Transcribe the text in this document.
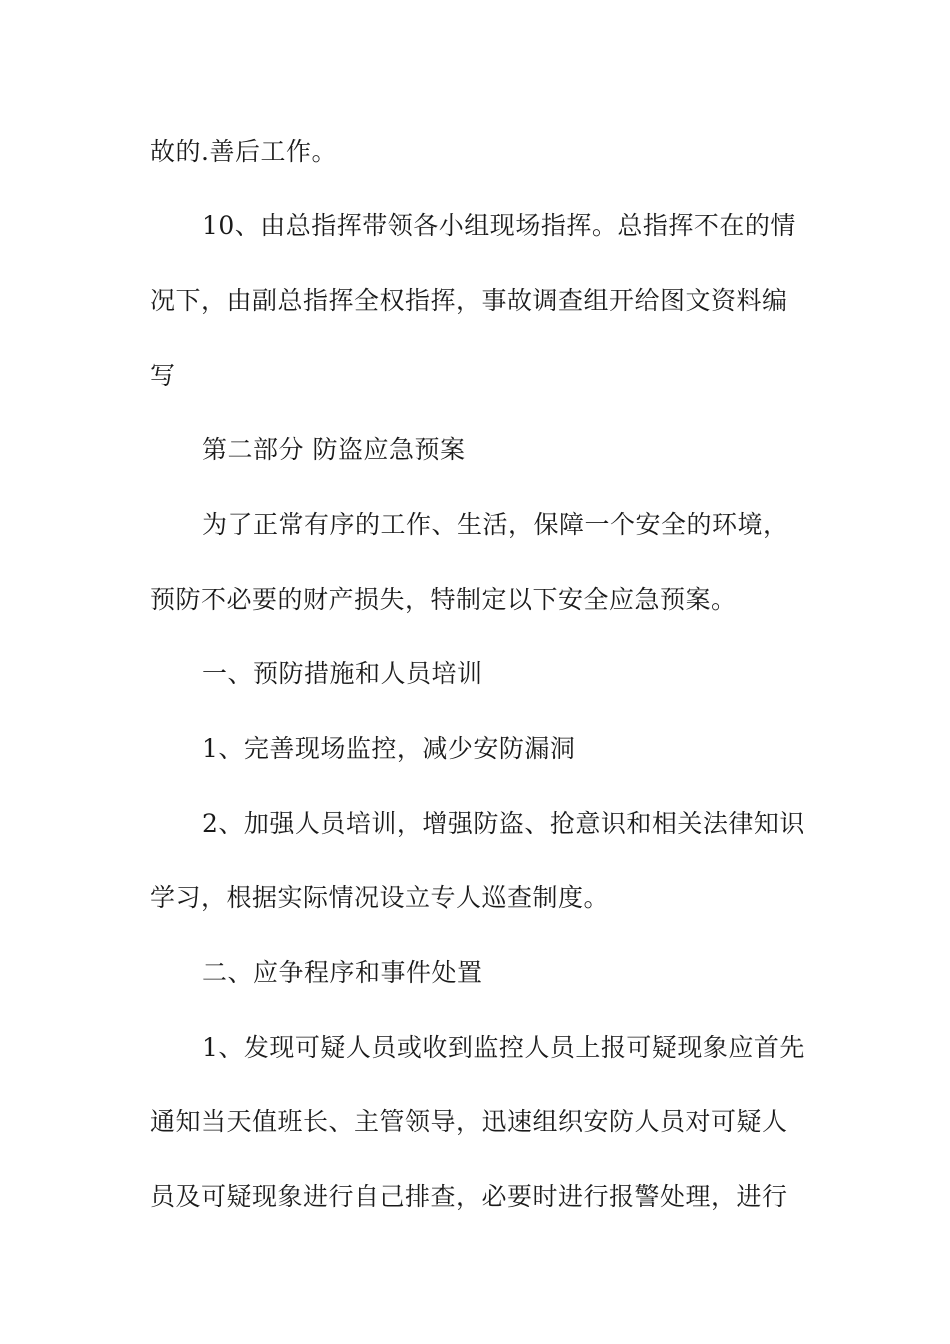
故的.善后工作。
10、由总指挥带领各小组现场指挥。总指挥不在的情
况下，由副总指挥全权指挥，事故调查组开给图文资料编
写
第二部分 防盗应急预案
为了正常有序的工作、生活，保障一个安全的环境，
预防不必要的财产损失，特制定以下安全应急预案。
一、预防措施和人员培训
1、完善现场监控，减少安防漏洞
2、加强人员培训，增强防盗、抢意识和相关法律知识
学习，根据实际情况设立专人巡查制度。
二、应争程序和事件处置
1、发现可疑人员或收到监控人员上报可疑现象应首先
通知当天值班长、主管领导，迅速组织安防人员对可疑人
员及可疑现象进行自己排查，必要时进行报警处理，进行
